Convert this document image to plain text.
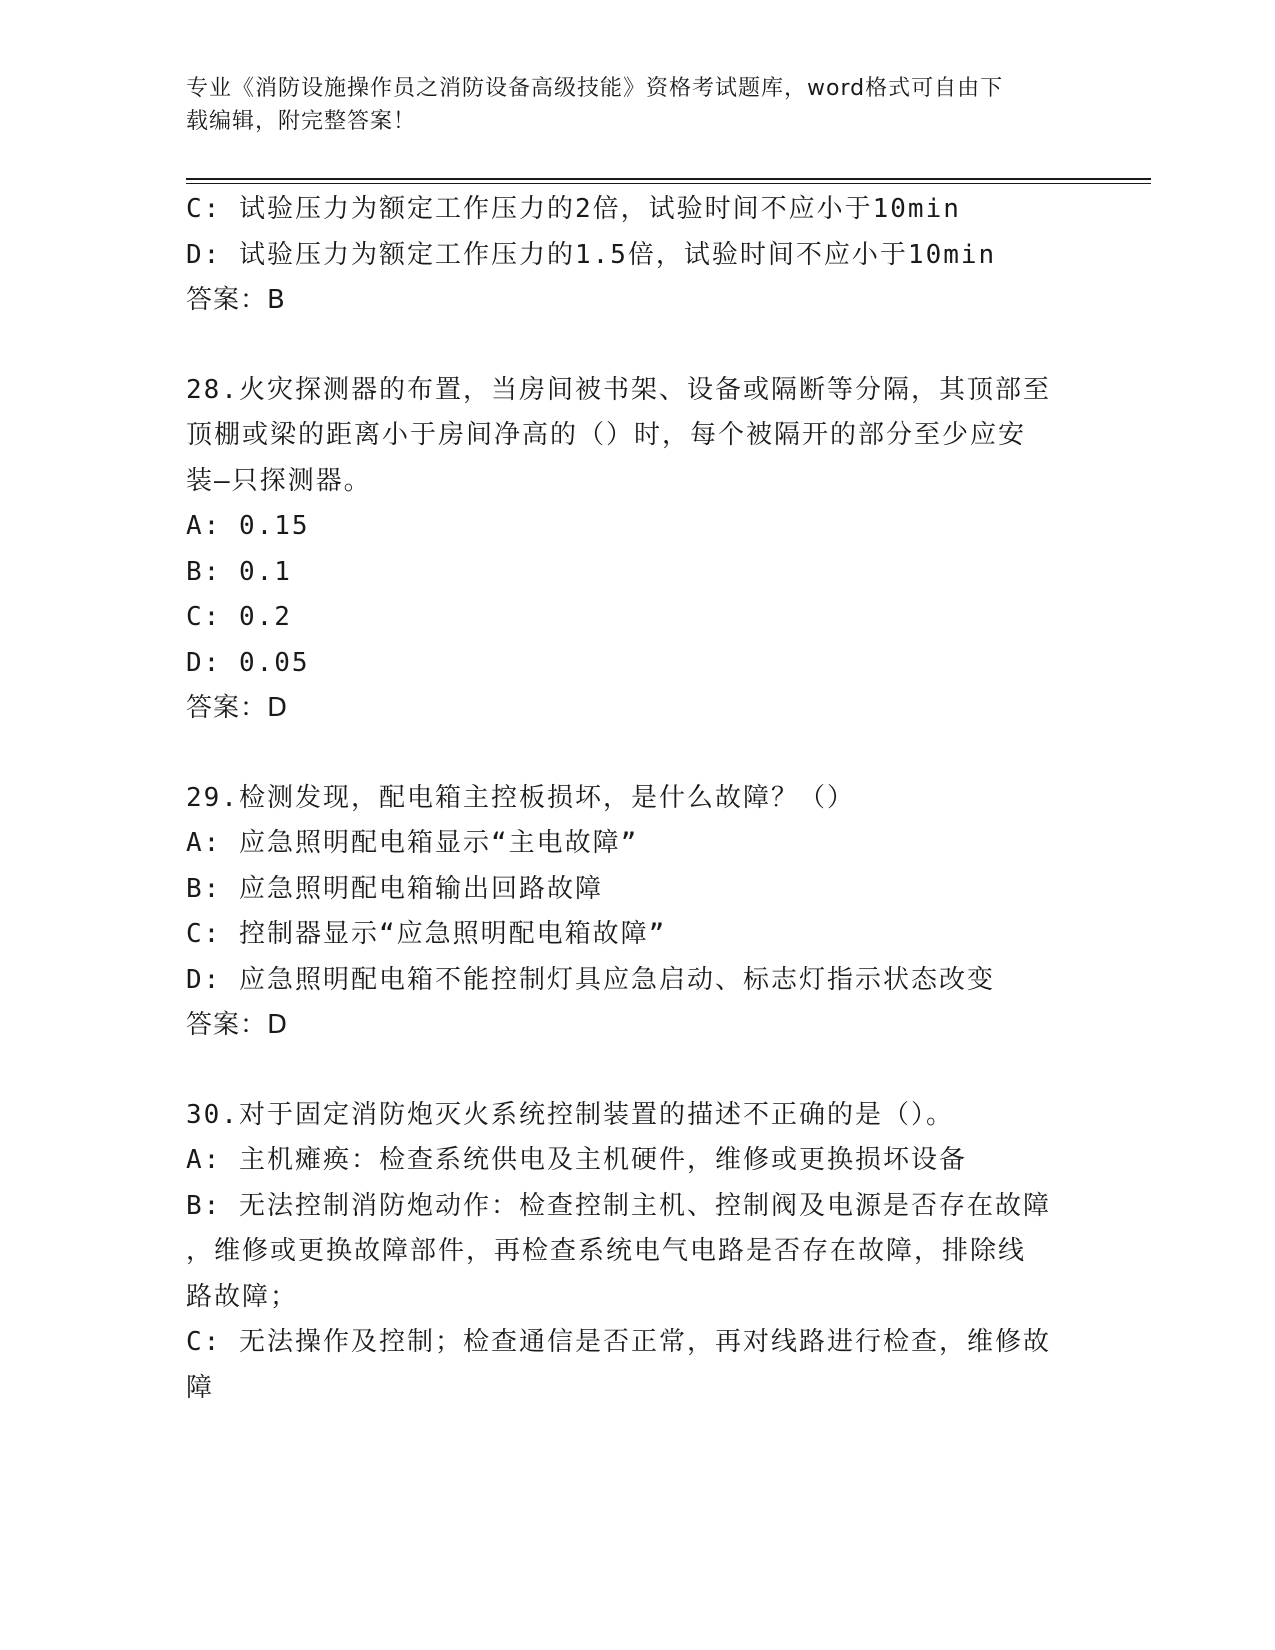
专业《消防设施操作员之消防设备高级技能》资格考试题库，word格式可自由下
载编辑，附完整答案！
C: 试验压力为额定工作压力的2倍，试验时间不应小于10min
D: 试验压力为额定工作压力的1.5倍，试验时间不应小于10min
答案：B
28.火灾探测器的布置，当房间被书架、设备或隔断等分隔，其顶部至
顶棚或梁的距离小于房间净高的（）时，每个被隔开的部分至少应安
装—只探测器。
A: 0.15
B: 0.1
C: 0.2
D: 0.05
答案：D
29.检测发现，配电箱主控板损坏，是什么故障？（）
A: 应急照明配电箱显示“主电故障”
B: 应急照明配电箱输出回路故障
C: 控制器显示“应急照明配电箱故障”
D: 应急照明配电箱不能控制灯具应急启动、标志灯指示状态改变
答案：D
30.对于固定消防炮灭火系统控制装置的描述不正确的是（）。
A: 主机瘫痪：检查系统供电及主机硬件，维修或更换损坏设备
B: 无法控制消防炮动作：检查控制主机、控制阀及电源是否存在故障
，维修或更换故障部件，再检查系统电气电路是否存在故障，排除线
路故障；
C: 无法操作及控制；检查通信是否正常，再对线路进行检查，维修故
障
